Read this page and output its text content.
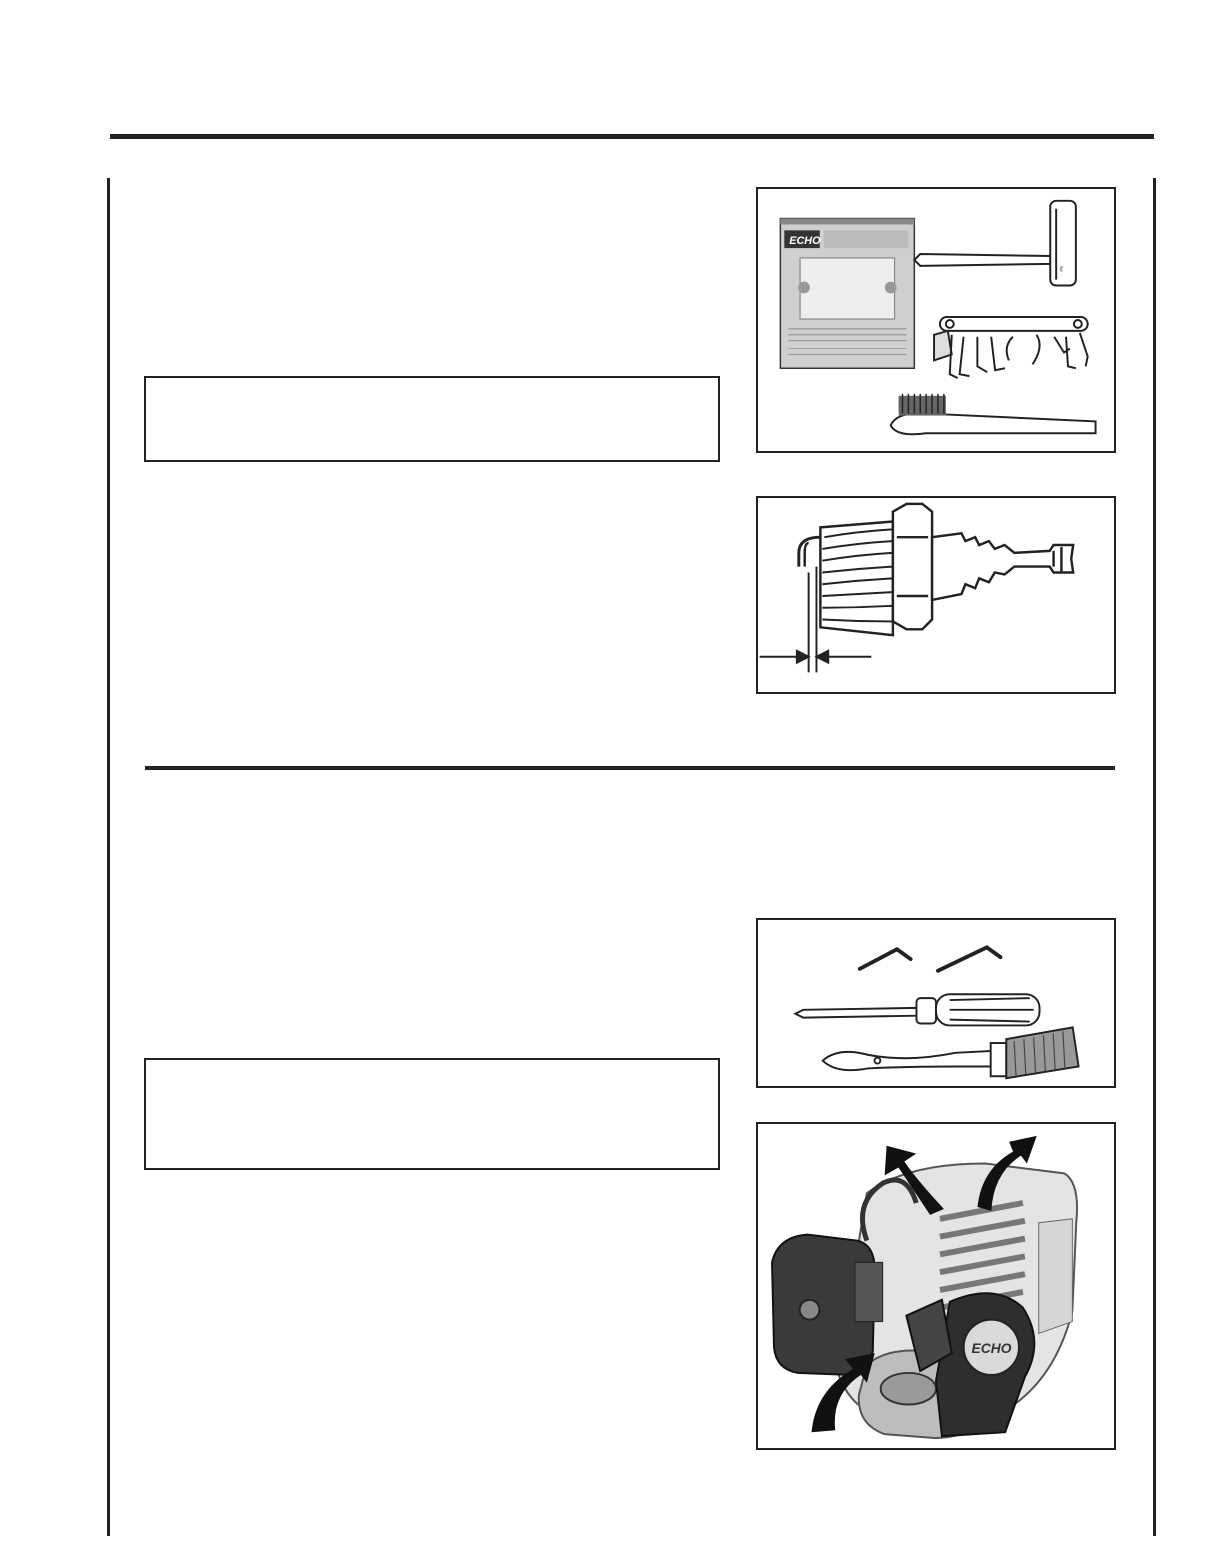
ECHO
ℓ
ECHO
